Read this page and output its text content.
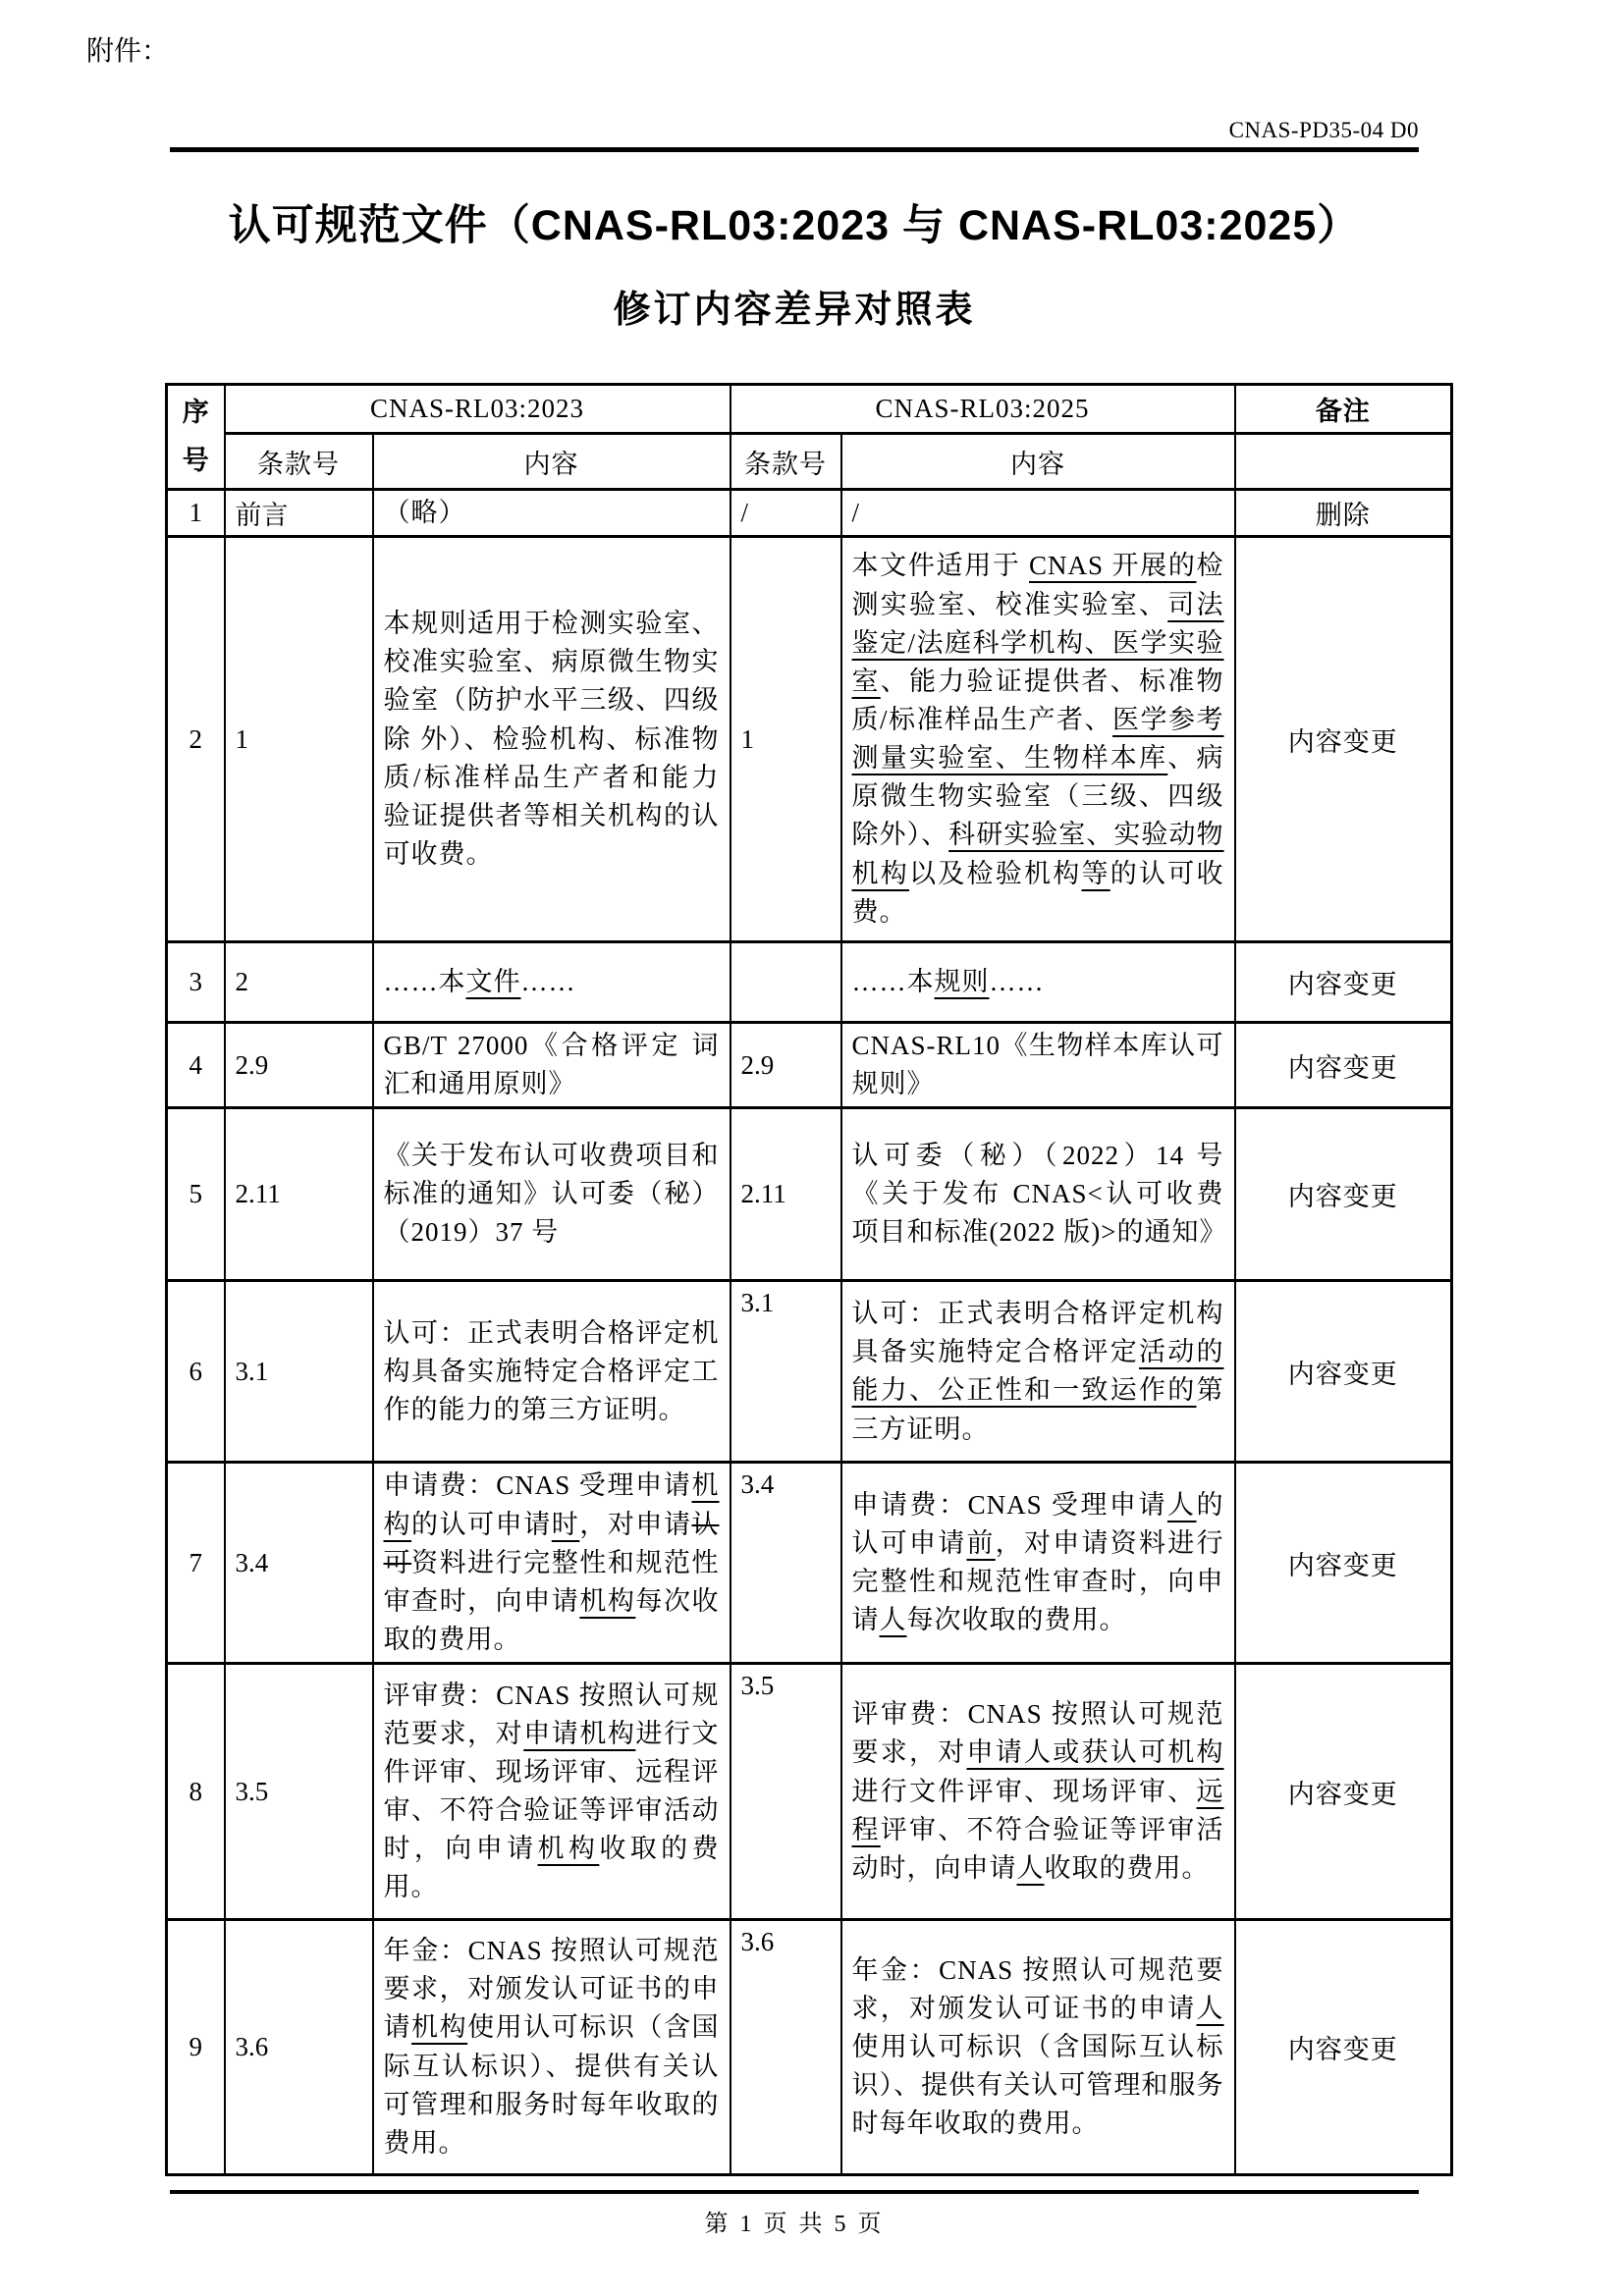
附件：
CNAS-PD35-04 D0
认可规范文件（CNAS-RL03:2023 与 CNAS-RL03:2025）
修订内容差异对照表
序号	CNAS-RL03:2023		CNAS-RL03:2025		备注
	条款号	内容	条款号	内容	
1	前言	（略）	/	/	删除
2	1	本规则适用于检测实验室、校准实验室、病原微生物实验室（防护水平三级、四级除 外）、检验机构、标准物质/标准样品生产者和能力验证提供者等相关机构的认可收费。	1	本文件适用于 CNAS 开展的检测实验室、校准实验室、司法鉴定/法庭科学机构、医学实验室、能力验证提供者、标准物质/标准样品生产者、医学参考测量实验室、生物样本库、病原微生物实验室（三级、四级除外）、科研实验室、实验动物机构以及检验机构等的认可收费。	内容变更
3	2	……本文件……		……本规则……	内容变更
4	2.9	GB/T 27000《合格评定 词汇和通用原则》	2.9	CNAS-RL10《生物样本库认可规则》	内容变更
5	2.11	《关于发布认可收费项目和标准的通知》认可委（秘）（2019）37 号	2.11	认可委（秘）（2022）14 号《关于发布 CNAS<认可收费项目和标准(2022 版)>的通知》	内容变更
6	3.1	认可：正式表明合格评定机构具备实施特定合格评定工作的能力的第三方证明。	3.1	认可：正式表明合格评定机构具备实施特定合格评定活动的能力、公正性和一致运作的第三方证明。	内容变更
7	3.4	申请费：CNAS 受理申请机构的认可申请时，对申请认可资料进行完整性和规范性审查时，向申请机构每次收取的费用。	3.4	申请费：CNAS 受理申请人的认可申请前，对申请资料进行完整性和规范性审查时，向申请人每次收取的费用。	内容变更
8	3.5	评审费：CNAS 按照认可规范要求，对申请机构进行文件评审、现场评审、远程评审、不符合验证等评审活动时，向申请机构收取的费用。	3.5	评审费：CNAS 按照认可规范要求，对申请人或获认可机构进行文件评审、现场评审、远程评审、不符合验证等评审活动时，向申请人收取的费用。	内容变更
9	3.6	年金：CNAS 按照认可规范要求，对颁发认可证书的申请机构使用认可标识（含国际互认标识）、提供有关认可管理和服务时每年收取的费用。	3.6	年金：CNAS 按照认可规范要求，对颁发认可证书的申请人使用认可标识（含国际互认标识）、提供有关认可管理和服务时每年收取的费用。	内容变更
第 1 页 共 5 页
